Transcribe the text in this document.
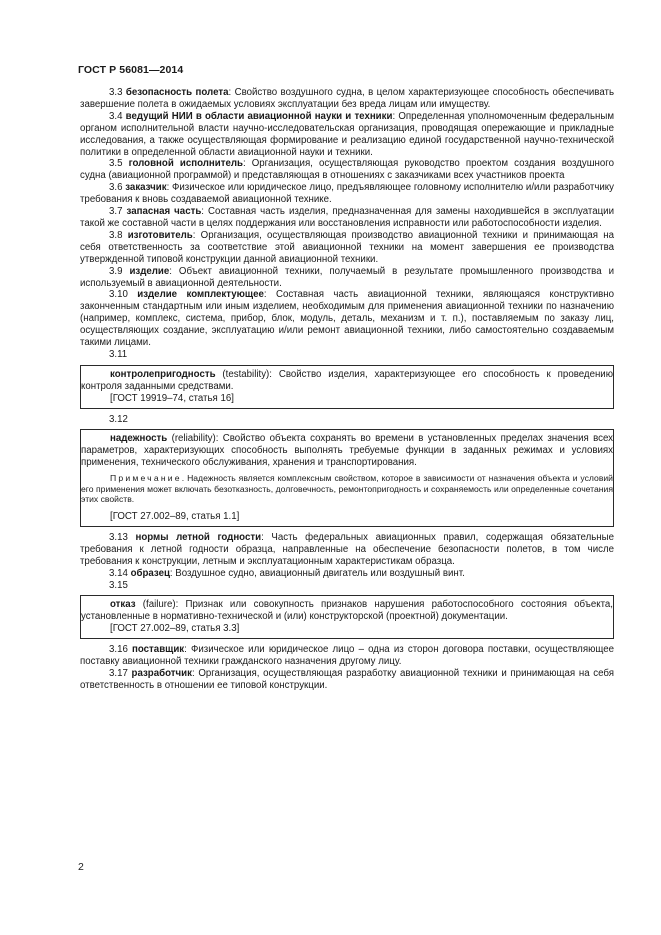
ГОСТ Р 56081—2014

3.3 безопасность полета: Свойство воздушного судна, в целом характеризующее способность обеспечивать завершение полета в ожидаемых условиях эксплуатации без вреда лицам или имуществу.

3.4 ведущий НИИ в области авиационной науки и техники: Определенная уполномоченным федеральным органом исполнительной власти научно-исследовательская организация, проводящая опережающие и прикладные исследования, а также осуществляющая формирование и реализацию единой государственной научно-технической политики в определенной области авиационной науки и техники.

3.5 головной исполнитель: Организация, осуществляющая руководство проектом создания воздушного судна (авиационной программой) и представляющая в отношениях с заказчиками всех участников проекта

3.6 заказчик: Физическое или юридическое лицо, предъявляющее головному исполнителю и/или разработчику требования к вновь создаваемой авиационной технике.

3.7 запасная часть: Составная часть изделия, предназначенная для замены находившейся в эксплуатации такой же составной части в целях поддержания или восстановления исправности или работоспособности изделия.

3.8 изготовитель: Организация, осуществляющая производство авиационной техники и принимающая на себя ответственность за соответствие этой авиационной техники на момент завершения ее производства утвержденной типовой конструкции данной авиационной техники.

3.9 изделие: Объект авиационной техники, получаемый в результате промышленного производства и используемый в авиационной деятельности.

3.10 изделие комплектующее: Составная часть авиационной техники, являющаяся конструктивно законченным стандартным или иным изделием, необходимым для применения авиационной техники по назначению (например, комплекс, система, прибор, блок, модуль, деталь, механизм и т. п.), поставляемым по заказу лиц, осуществляющих создание, эксплуатацию и/или ремонт авиационной техники, либо самостоятельно создаваемым такими лицами.

3.11

контролепригодность (testability): Свойство изделия, характеризующее его способность к проведению контроля заданными средствами.

[ГОСТ 19919–74, статья 16]

3.12

надежность (reliability): Свойство объекта сохранять во времени в установленных пределах значения всех параметров, характеризующих способность выполнять требуемые функции в заданных режимах и условиях применения, технического обслуживания, хранения и транспортирования.

Примечание. Надежность является комплексным свойством, которое в зависимости от назначения объекта и условий его применения может включать безотказность, долговечность, ремонтопригодность и сохраняемость или определенные сочетания этих свойств.

[ГОСТ 27.002–89, статья 1.1]

3.13 нормы летной годности: Часть федеральных авиационных правил, содержащая обязательные требования к летной годности образца, направленные на обеспечение безопасности полетов, в том числе требования к конструкции, летным и эксплуатационным характеристикам образца.

3.14 образец: Воздушное судно, авиационный двигатель или воздушный винт.

3.15

отказ (failure): Признак или совокупность признаков нарушения работоспособного состояния объекта, установленные в нормативно-технической и (или) конструкторской (проектной) документации.

[ГОСТ 27.002–89, статья 3.3]

3.16 поставщик: Физическое или юридическое лицо – одна из сторон договора поставки, осуществляющее поставку авиационной техники гражданского назначения другому лицу.

3.17 разработчик: Организация, осуществляющая разработку авиационной техники и принимающая на себя ответственность в отношении ее типовой конструкции.

2
